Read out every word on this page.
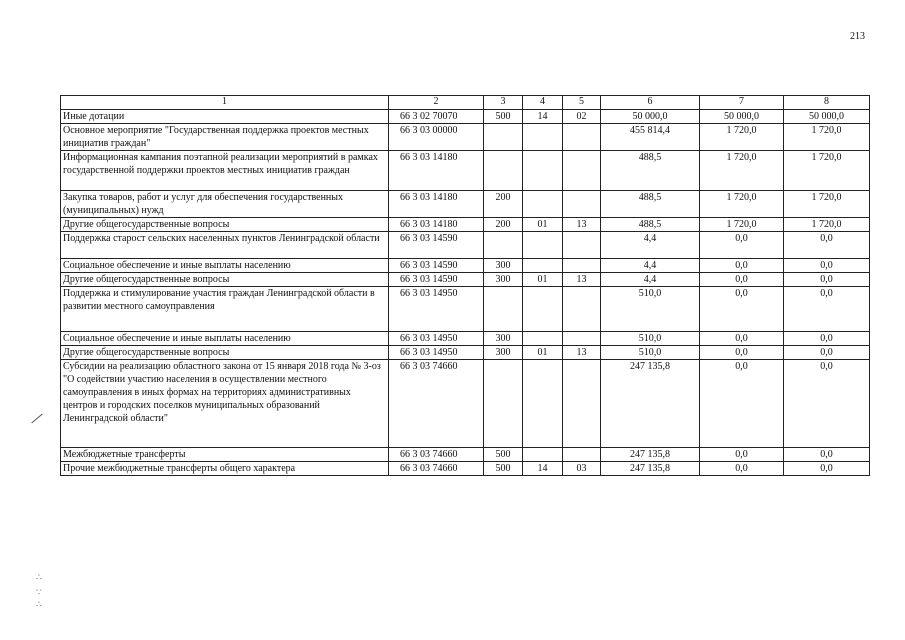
213
1	2	3	4	5	6	7	8
Иные дотации	66 3 02 70070	500	14	02	50 000,0	50 000,0	50 000,0
Основное мероприятие "Государственная поддержка проектов местных инициатив граждан"	66 3 03 00000				455 814,4	1 720,0	1 720,0
Информационная кампания поэтапной реализации мероприятий в рамках государственной поддержки проектов местных инициатив граждан	66 3 03 14180				488,5	1 720,0	1 720,0
Закупка товаров, работ и услуг для обеспечения государственных (муниципальных) нужд	66 3 03 14180	200			488,5	1 720,0	1 720,0
Другие общегосударственные вопросы	66 3 03 14180	200	01	13	488,5	1 720,0	1 720,0
Поддержка старост сельских населенных пунктов Ленинградской области	66 3 03 14590				4,4	0,0	0,0
Социальное обеспечение и иные выплаты населению	66 3 03 14590	300			4,4	0,0	0,0
Другие общегосударственные вопросы	66 3 03 14590	300	01	13	4,4	0,0	0,0
Поддержка и стимулирование участия граждан Ленинградской области в развитии местного самоуправления	66 3 03 14950				510,0	0,0	0,0
Социальное обеспечение и иные выплаты населению	66 3 03 14950	300			510,0	0,0	0,0
Другие общегосударственные вопросы	66 3 03 14950	300	01	13	510,0	0,0	0,0
Субсидии на реализацию областного закона от 15 января 2018 года № 3-оз "О содействии участию населения в осуществлении местного самоуправления в иных формах на территориях административных центров и городских поселков муниципальных образований Ленинградской области"	66 3 03 74660				247 135,8	0,0	0,0
Межбюджетные трансферты	66 3 03 74660	500			247 135,8	0,0	0,0
Прочие межбюджетные трансферты общего характера	66 3 03 74660	500	14	03	247 135,8	0,0	0,0
∴
∵
∴
